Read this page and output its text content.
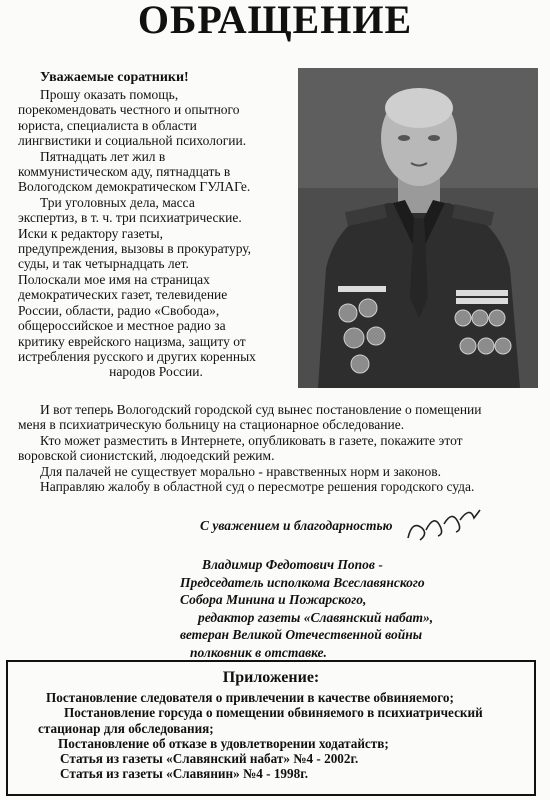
ОБРАЩЕНИЕ
Уважаемые соратники!

Прошу оказать помощь,

порекомендовать честного и опытного

юриста, специалиста в области

лингвистики и социальной психологии.

Пятнадцать лет жил в

коммунистическом аду, пятнадцать в

Вологодском демократическом ГУЛАГе.

Три уголовных дела, масса

экспертиз, в т. ч. три психиатрические.

Иски к редактору газеты,

предупреждения, вызовы в прокуратуру,

суды, и так четырнадцать лет.

Полоскали мое имя на страницах

демократических газет, телевидение

России, области, радио «Свобода»,

общероссийское и местное радио за

критику еврейского нацизма, защиту от

истребления русского и других коренных

народов России.

И вот теперь Вологодский городской суд вынес постановление о помещении

меня в психиатрическую больницу на стационарное обследование.

Кто может разместить в Интернете, опубликовать в газете, покажите этот

воровской сионистский, людоедский режим.

Для палачей не существует морально - нравственных норм и законов.

Направляю жалобу в областной суд о пересмотре решения городского суда.

С уважением и благодарностью

Владимир Федотович Попов -

Председатель исполкома Всеславянского

Собора Минина и Пожарского,

редактор газеты «Славянский набат»,

ветеран Великой Отечественной войны

полковник в отставке.

Приложение:

Постановление следователя о привлечении в качестве обвиняемого;

Постановление горсуда о помещении обвиняемого в психиатрический

стационар для обследования;

Постановление об отказе в удовлетворении ходатайств;

Статья из газеты «Славянский набат» №4 - 2002г.

Статья из газеты «Славянин» №4 - 1998г.
